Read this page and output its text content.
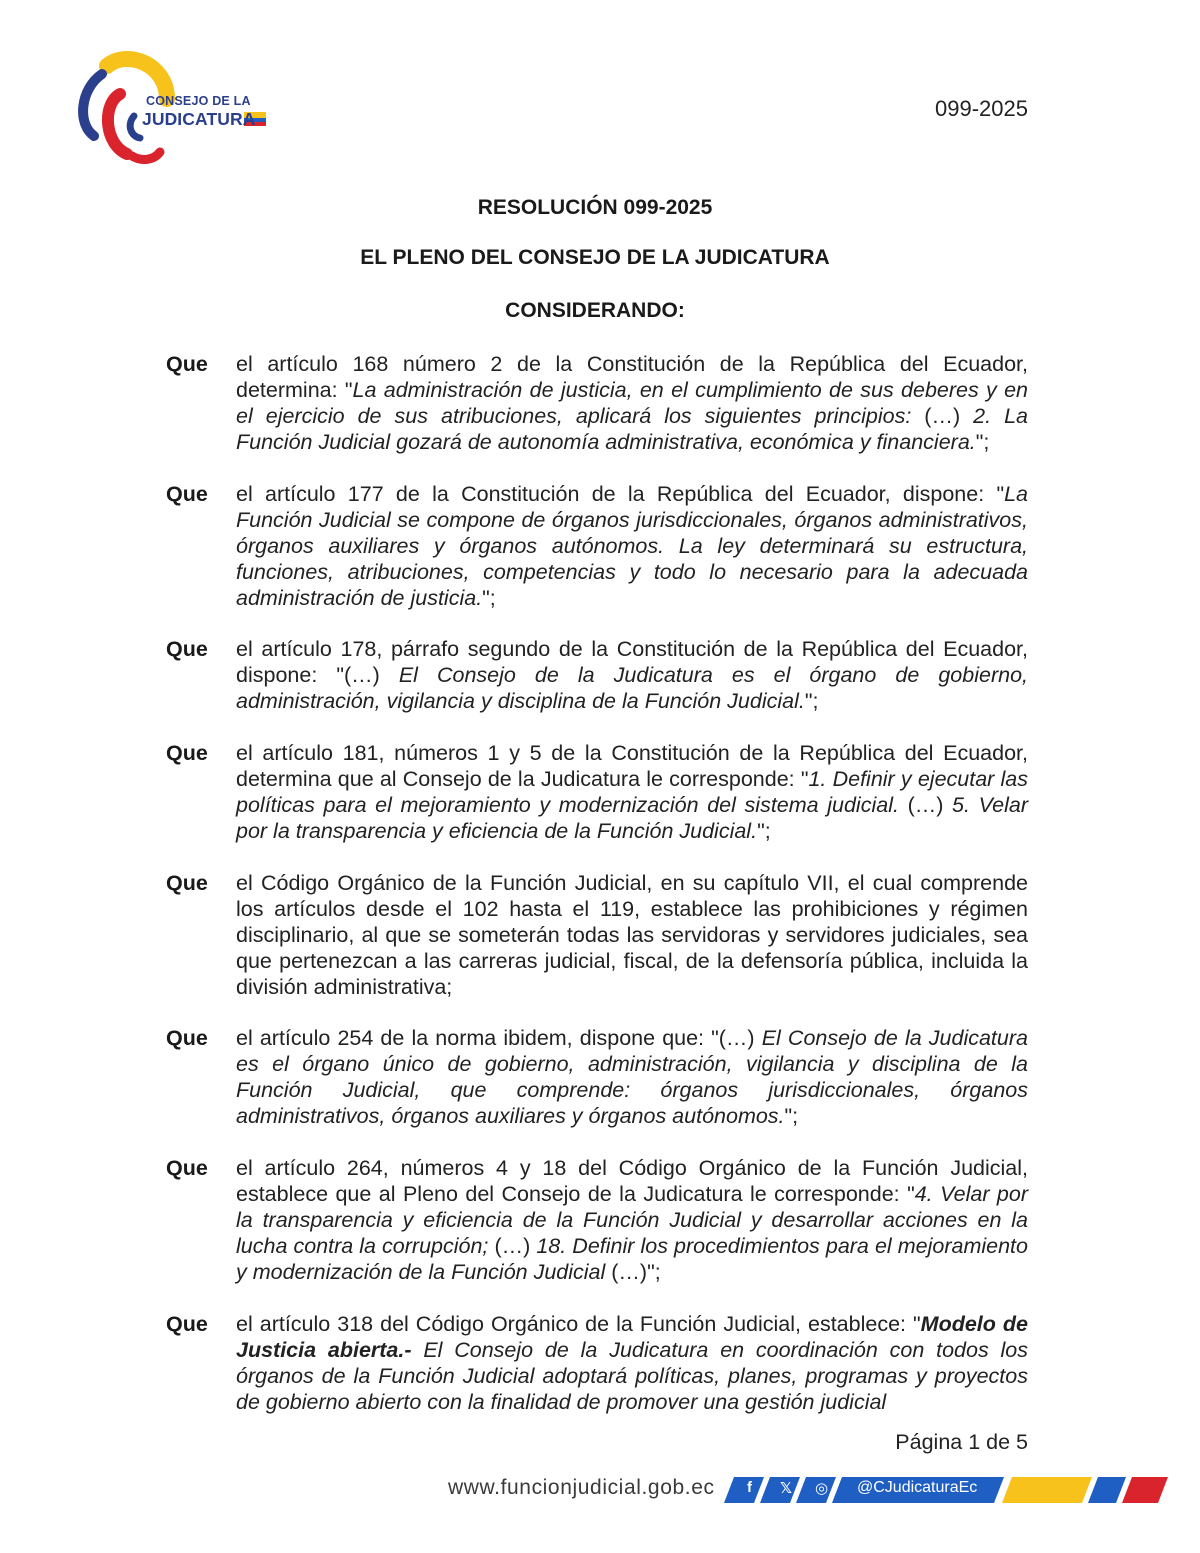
CONSEJO DE LA
JUDICATURA	099-2025
RESOLUCIÓN 099-2025
EL PLENO DEL CONSEJO DE LA JUDICATURA
CONSIDERANDO:
Que el artículo 168 número 2 de la Constitución de la República del Ecuador, determina: "La administración de justicia, en el cumplimiento de sus deberes y en el ejercicio de sus atribuciones, aplicará los siguientes principios: (…) 2. La Función Judicial gozará de autonomía administrativa, económica y financiera.";
Que el artículo 177 de la Constitución de la República del Ecuador, dispone: "La Función Judicial se compone de órganos jurisdiccionales, órganos administrativos, órganos auxiliares y órganos autónomos. La ley determinará su estructura, funciones, atribuciones, competencias y todo lo necesario para la adecuada administración de justicia.";
Que el artículo 178, párrafo segundo de la Constitución de la República del Ecuador, dispone: "(…) El Consejo de la Judicatura es el órgano de gobierno, administración, vigilancia y disciplina de la Función Judicial.";
Que el artículo 181, números 1 y 5 de la Constitución de la República del Ecuador, determina que al Consejo de la Judicatura le corresponde: "1. Definir y ejecutar las políticas para el mejoramiento y modernización del sistema judicial. (…) 5. Velar por la transparencia y eficiencia de la Función Judicial.";
Que el Código Orgánico de la Función Judicial, en su capítulo VII, el cual comprende los artículos desde el 102 hasta el 119, establece las prohibiciones y régimen disciplinario, al que se someterán todas las servidoras y servidores judiciales, sea que pertenezcan a las carreras judicial, fiscal, de la defensoría pública, incluida la división administrativa;
Que el artículo 254 de la norma ibidem, dispone que: "(…) El Consejo de la Judicatura es el órgano único de gobierno, administración, vigilancia y disciplina de la Función Judicial, que comprende: órganos jurisdiccionales, órganos administrativos, órganos auxiliares y órganos autónomos.";
Que el artículo 264, números 4 y 18 del Código Orgánico de la Función Judicial, establece que al Pleno del Consejo de la Judicatura le corresponde: "4. Velar por la transparencia y eficiencia de la Función Judicial y desarrollar acciones en la lucha contra la corrupción; (…) 18. Definir los procedimientos para el mejoramiento y modernización de la Función Judicial (…)";
Que el artículo 318 del Código Orgánico de la Función Judicial, establece: "Modelo de Justicia abierta.- El Consejo de la Judicatura en coordinación con todos los órganos de la Función Judicial adoptará políticas, planes, programas y proyectos de gobierno abierto con la finalidad de promover una gestión judicial
Página 1 de 5
www.funcionjudicial.gob.ec f 𝕏 ◎ @CJudicaturaEc
